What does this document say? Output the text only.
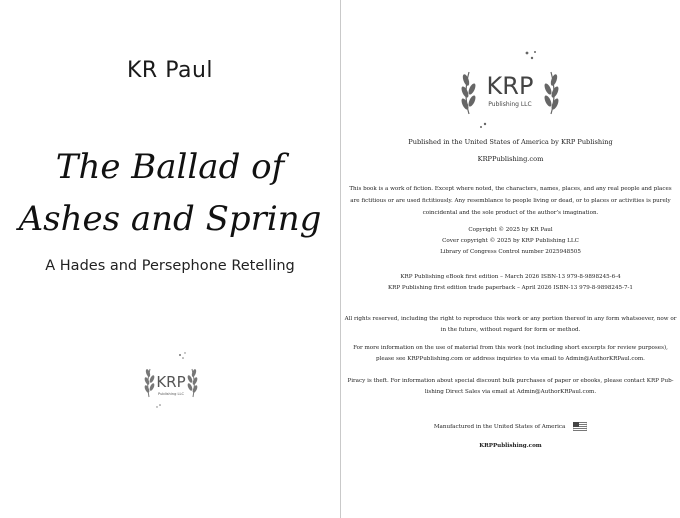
KR Paul
The Ballad of
Ashes and Spring
A Hades and Persephone Retelling
KRP
Publishing LLC
KRP
Publishing LLC
Published in the United States of America by KRP Publishing
KRPPublishing.com
This book is a work of fiction. Except where noted, the characters, names, places, and any real people and places
are fictitious or are used fictitiously. Any resemblance to people living or dead, or to places or activities is purely
coincidental and the sole product of the author’s imagination.
Copyright © 2025 by KR Paul
Cover copyright © 2025 by KRP Publishing LLC
Library of Congress Control number 2025948505
KRP Publishing eBook first edition – March 2026 ISBN-13 979-8-9898245-6-4
KRP Publishing first edition trade paperback – April 2026 ISBN-13 979-8-9898245-7-1
All rights reserved, including the right to reproduce this work or any portion thereof in any form whatsoever, now or
in the future, without regard for form or method.
For more information on the use of material from this work (not including short excerpts for review purposes),
please see KRPPublishing.com or address inquiries to via email to Admin@AuthorKRPaul.com.
Piracy is theft. For information about special discount bulk purchases of paper or ebooks, please contact KRP Pub-
lishing Direct Sales via email at Admin@AuthorKRPaul.com.
Manufactured in the United States of America
KRPPublishing.com
